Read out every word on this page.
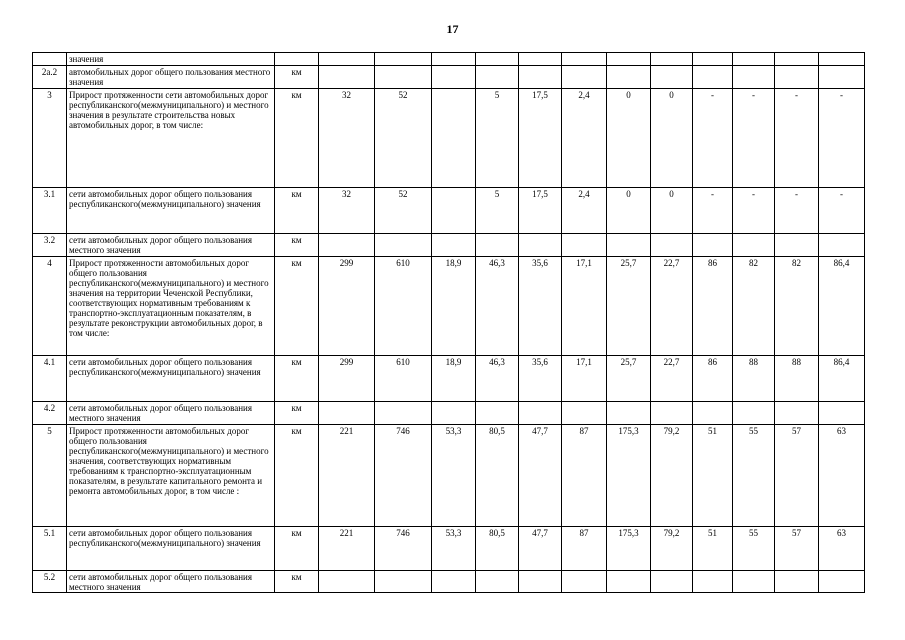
17
	значения													
2а.2	автомобильных дорог общего пользования местного значения	км												
3	Прирост протяженности сети автомобильных дорог республиканского(межмуниципального) и местного значения в результате строительства новых автомобильных дорог, в том числе:	км	32	52		5	17,5	2,4	0	0	-	-	-	-
3.1	сети автомобильных дорог общего пользования республиканского(межмуниципального) значения	км	32	52		5	17,5	2,4	0	0	-	-	-	-
3.2	сети автомобильных дорог общего пользования местного значения	км												
4	Прирост протяженности автомобильных дорог общего пользования республиканского(межмуниципального) и местного значения на территории Чеченской Республики, соответствующих нормативным требованиям к транспортно-эксплуатационным показателям, в результате реконструкции автомобильных дорог, в том числе:	км	299	610	18,9	46,3	35,6	17,1	25,7	22,7	86	82	82	86,4
4.1	сети автомобильных дорог общего пользования республиканского(межмуниципального) значения	км	299	610	18,9	46,3	35,6	17,1	25,7	22,7	86	88	88	86,4
4.2	сети автомобильных дорог общего пользования местного значения	км												
5	Прирост протяженности автомобильных дорог общего пользования республиканского(межмуниципального) и местного значения, соответствующих нормативным требованиям к транспортно-эксплуатационным показателям, в результате капитального ремонта и ремонта автомобильных дорог, в том числе :	км	221	746	53,3	80,5	47,7	87	175,3	79,2	51	55	57	63
5.1	сети автомобильных дорог общего пользования республиканского(межмуниципального) значения	км	221	746	53,3	80,5	47,7	87	175,3	79,2	51	55	57	63
5.2	сети автомобильных дорог общего пользования местного значения	км												
